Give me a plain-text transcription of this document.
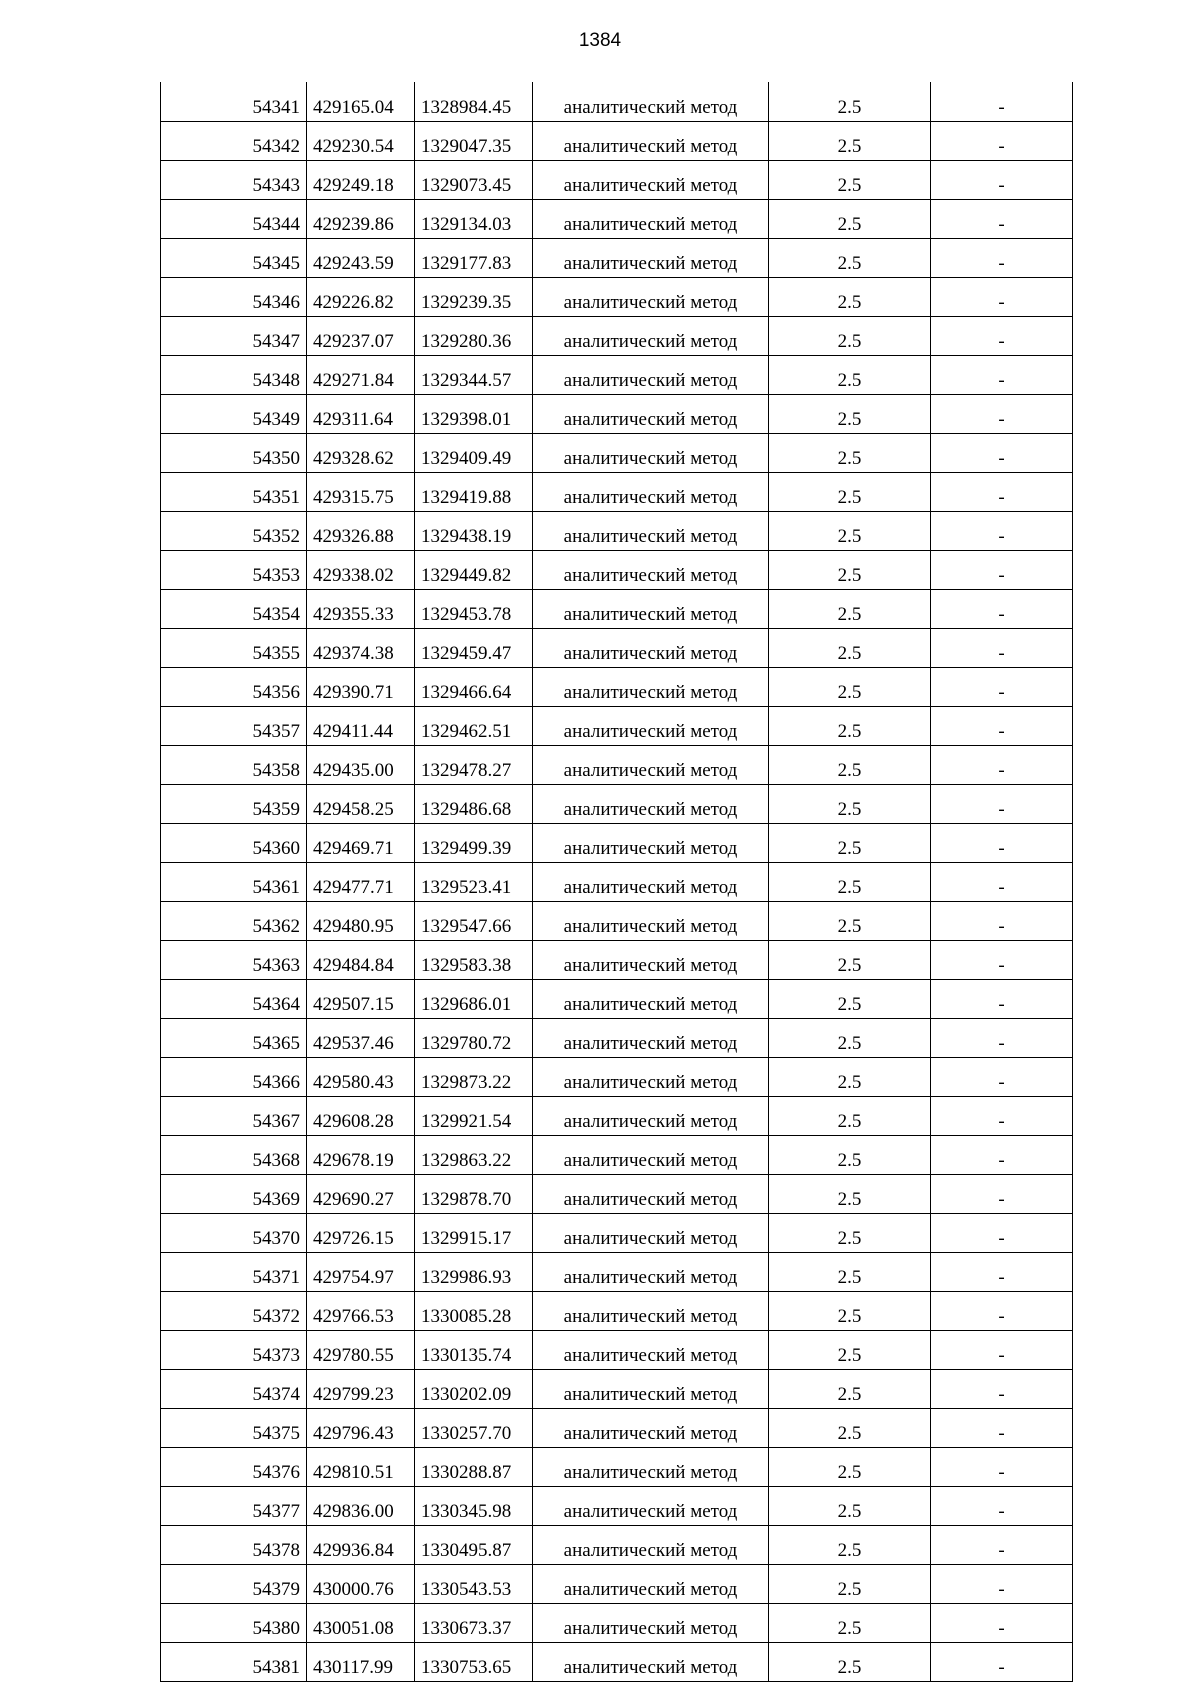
1384
54341	429165.04	1328984.45	аналитический метод	2.5	-
54342	429230.54	1329047.35	аналитический метод	2.5	-
54343	429249.18	1329073.45	аналитический метод	2.5	-
54344	429239.86	1329134.03	аналитический метод	2.5	-
54345	429243.59	1329177.83	аналитический метод	2.5	-
54346	429226.82	1329239.35	аналитический метод	2.5	-
54347	429237.07	1329280.36	аналитический метод	2.5	-
54348	429271.84	1329344.57	аналитический метод	2.5	-
54349	429311.64	1329398.01	аналитический метод	2.5	-
54350	429328.62	1329409.49	аналитический метод	2.5	-
54351	429315.75	1329419.88	аналитический метод	2.5	-
54352	429326.88	1329438.19	аналитический метод	2.5	-
54353	429338.02	1329449.82	аналитический метод	2.5	-
54354	429355.33	1329453.78	аналитический метод	2.5	-
54355	429374.38	1329459.47	аналитический метод	2.5	-
54356	429390.71	1329466.64	аналитический метод	2.5	-
54357	429411.44	1329462.51	аналитический метод	2.5	-
54358	429435.00	1329478.27	аналитический метод	2.5	-
54359	429458.25	1329486.68	аналитический метод	2.5	-
54360	429469.71	1329499.39	аналитический метод	2.5	-
54361	429477.71	1329523.41	аналитический метод	2.5	-
54362	429480.95	1329547.66	аналитический метод	2.5	-
54363	429484.84	1329583.38	аналитический метод	2.5	-
54364	429507.15	1329686.01	аналитический метод	2.5	-
54365	429537.46	1329780.72	аналитический метод	2.5	-
54366	429580.43	1329873.22	аналитический метод	2.5	-
54367	429608.28	1329921.54	аналитический метод	2.5	-
54368	429678.19	1329863.22	аналитический метод	2.5	-
54369	429690.27	1329878.70	аналитический метод	2.5	-
54370	429726.15	1329915.17	аналитический метод	2.5	-
54371	429754.97	1329986.93	аналитический метод	2.5	-
54372	429766.53	1330085.28	аналитический метод	2.5	-
54373	429780.55	1330135.74	аналитический метод	2.5	-
54374	429799.23	1330202.09	аналитический метод	2.5	-
54375	429796.43	1330257.70	аналитический метод	2.5	-
54376	429810.51	1330288.87	аналитический метод	2.5	-
54377	429836.00	1330345.98	аналитический метод	2.5	-
54378	429936.84	1330495.87	аналитический метод	2.5	-
54379	430000.76	1330543.53	аналитический метод	2.5	-
54380	430051.08	1330673.37	аналитический метод	2.5	-
54381	430117.99	1330753.65	аналитический метод	2.5	-
